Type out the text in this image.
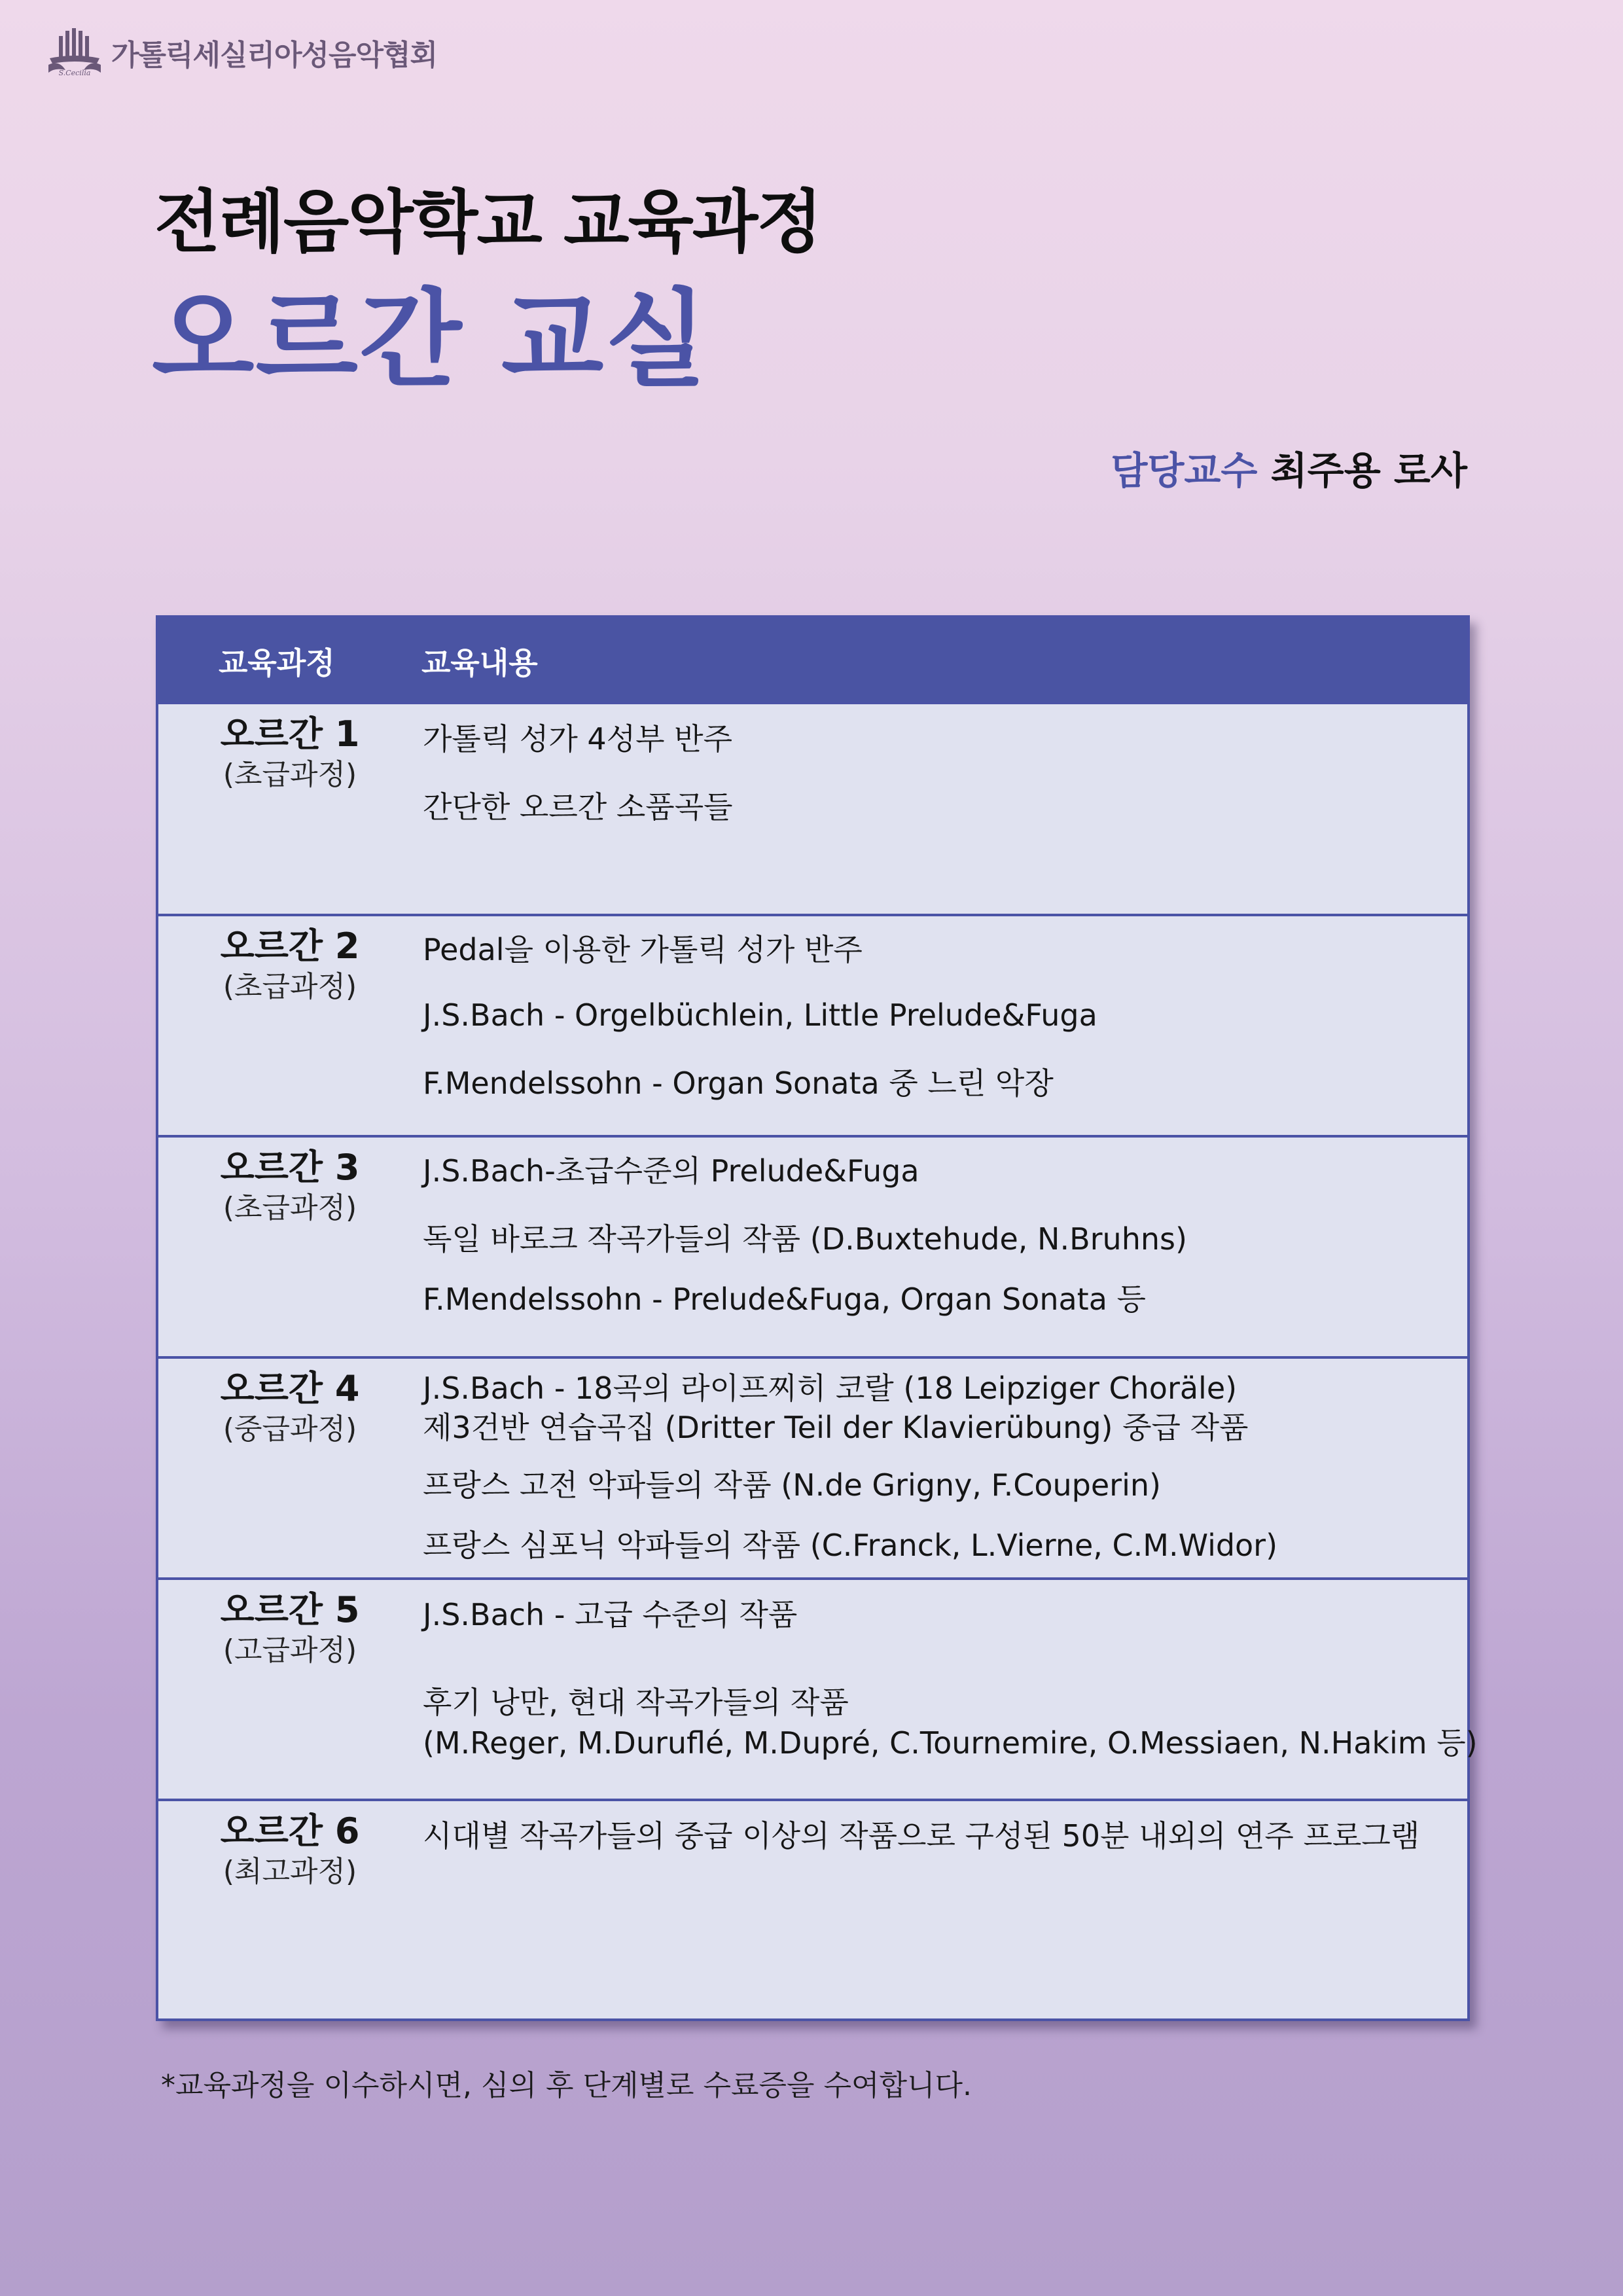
S.Cecilia
가톨릭세실리아성음악협회
전례음악학교 교육과정
오르간 교실
담당교수 최주용 로사
교육과정	교육내용
오르간 1
(초급과정)
가톨릭 성가 4성부 반주
간단한 오르간 소품곡들
오르간 2
(초급과정)
Pedal을 이용한 가톨릭 성가 반주
J.S.Bach - Orgelbüchlein, Little Prelude&Fuga
F.Mendelssohn - Organ Sonata 중 느린 악장
오르간 3
(초급과정)
J.S.Bach-초급수준의 Prelude&Fuga
독일 바로크 작곡가들의 작품 (D.Buxtehude, N.Bruhns)
F.Mendelssohn - Prelude&Fuga, Organ Sonata 등
오르간 4
(중급과정)
J.S.Bach - 18곡의 라이프찌히 코랄 (18 Leipziger Choräle)
제3건반 연습곡집 (Dritter Teil der Klavierübung) 중급 작품
프랑스 고전 악파들의 작품 (N.de Grigny, F.Couperin)
프랑스 심포닉 악파들의 작품 (C.Franck, L.Vierne, C.M.Widor)
오르간 5
(고급과정)
J.S.Bach - 고급 수준의 작품
후기 낭만, 현대 작곡가들의 작품
(M.Reger, M.Duruflé, M.Dupré, C.Tournemire, O.Messiaen, N.Hakim 등)
오르간 6
(최고과정)
시대별 작곡가들의 중급 이상의 작품으로 구성된 50분 내외의 연주 프로그램
*교육과정을 이수하시면, 심의 후 단계별로 수료증을 수여합니다.
